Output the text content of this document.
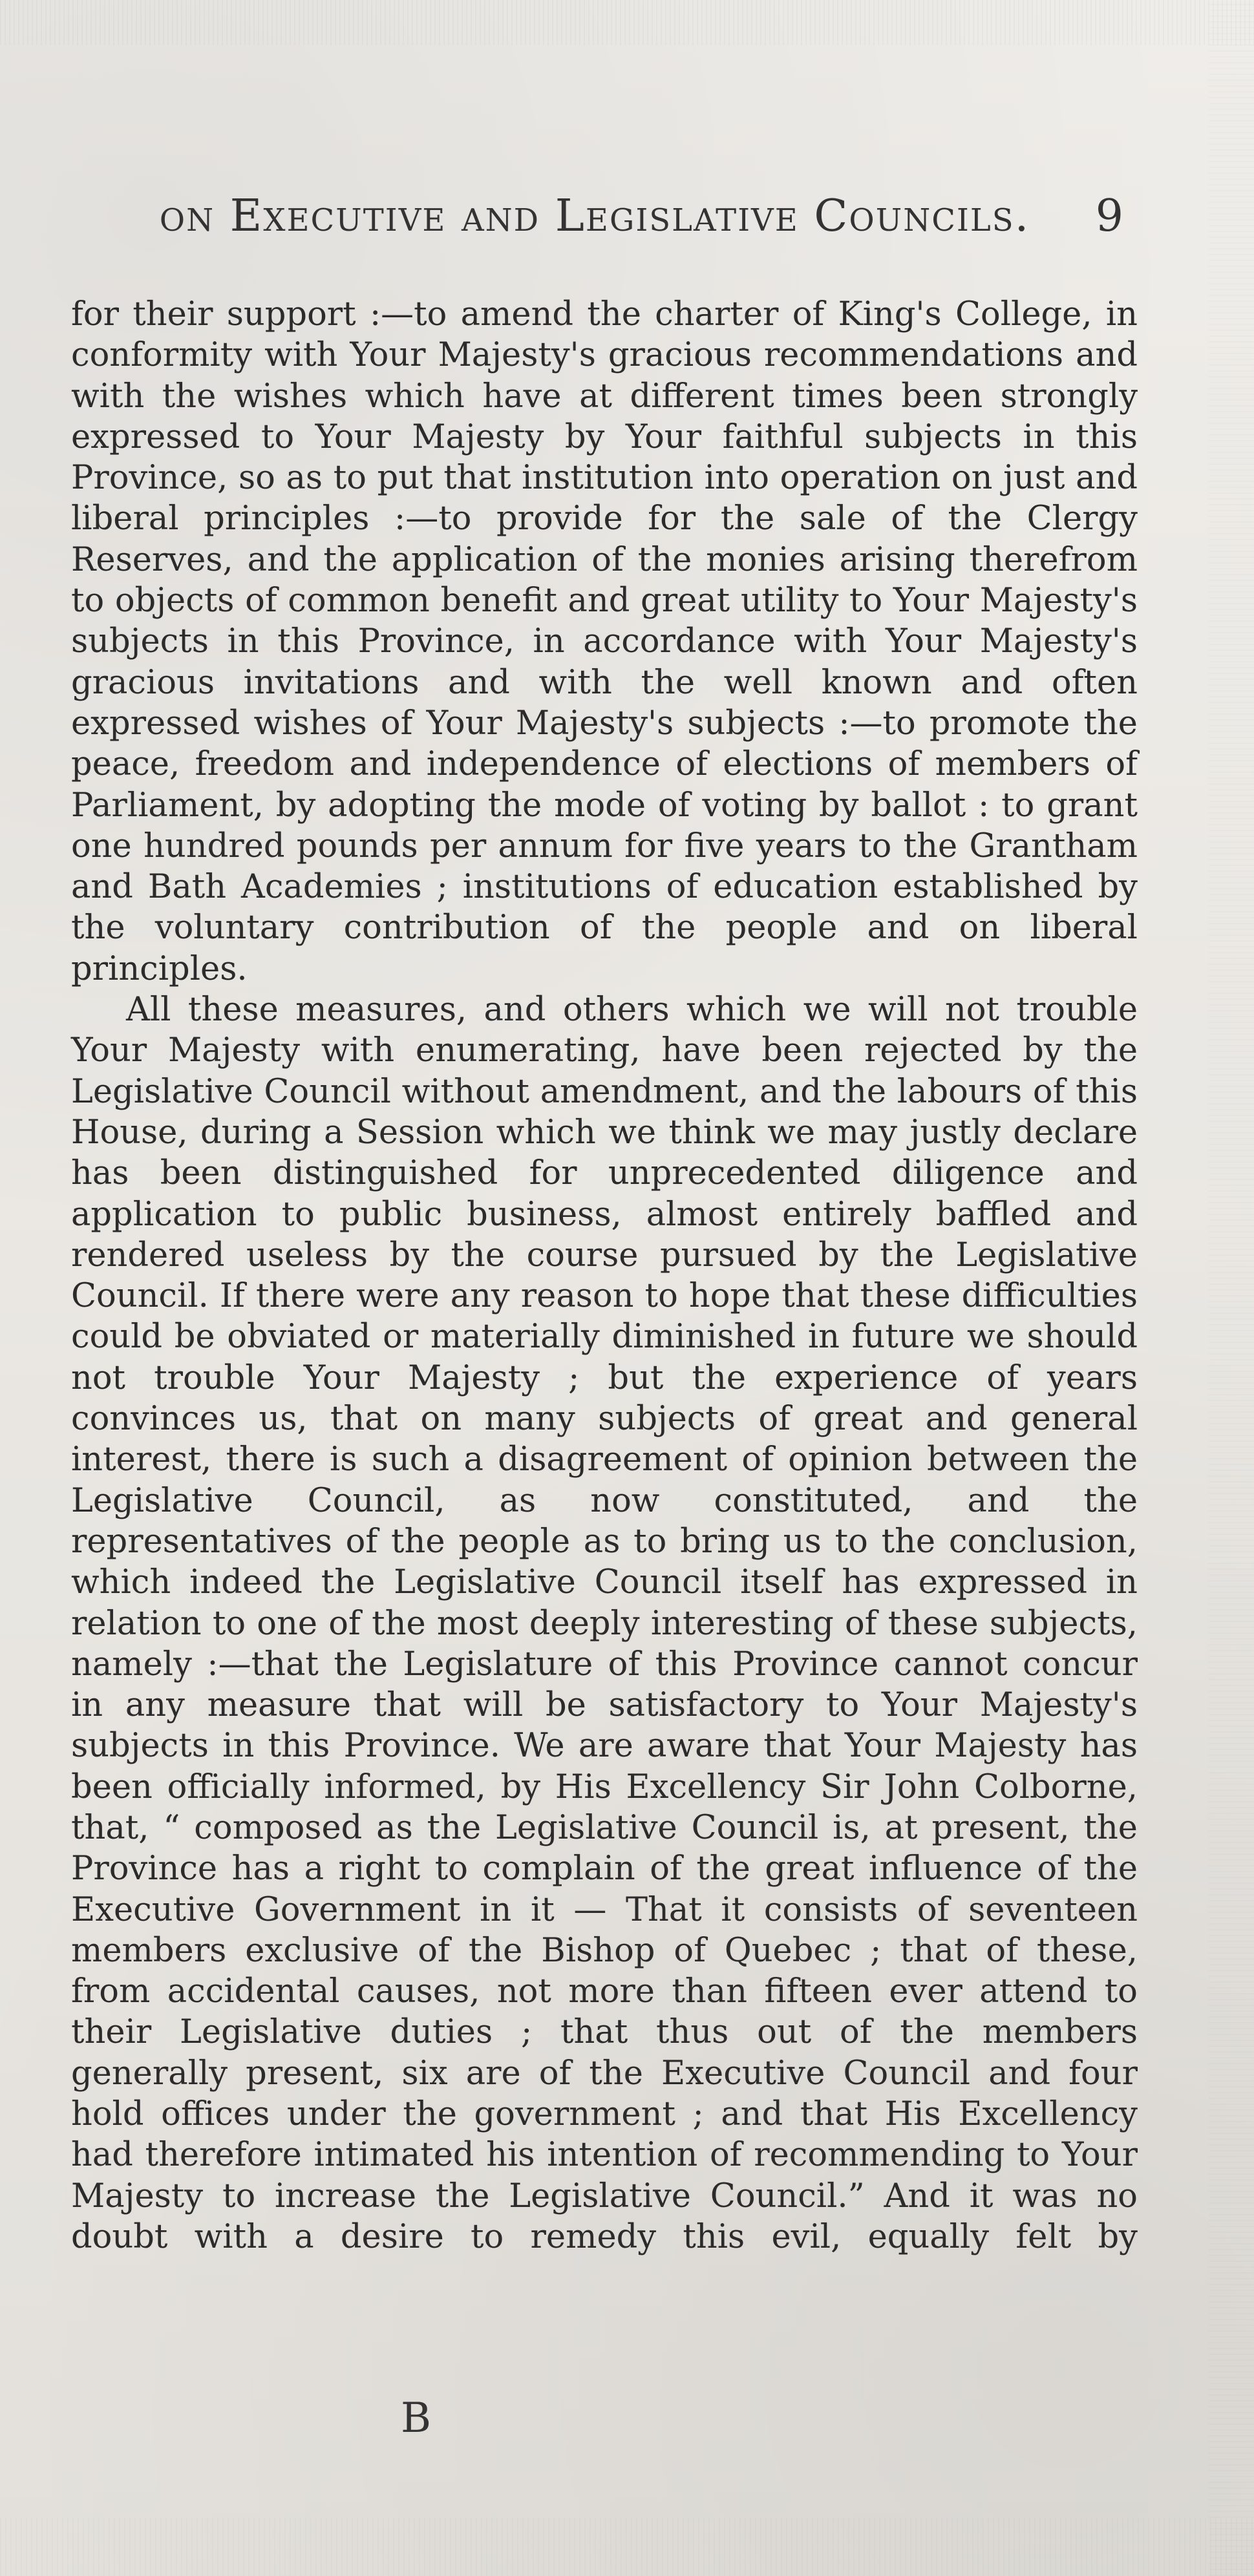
on Executive and Legislative Councils.	9

for their support :—to amend the charter of King's College, in conformity with Your Majesty's gracious recommendations and with the wishes which have at different times been strongly expressed to Your Majesty by Your faithful subjects in this Province, so as to put that institution into operation on just and liberal principles :—to provide for the sale of the Clergy Reserves, and the application of the monies arising therefrom to objects of common benefit and great utility to Your Majesty's subjects in this Province, in accordance with Your Majesty's gracious invitations and with the well known and often expressed wishes of Your Majesty's subjects :—to promote the peace, freedom and independence of elections of members of Parliament, by adopting the mode of voting by ballot : to grant one hundred pounds per annum for five years to the Grantham and Bath Academies ; institutions of education established by the voluntary contribution of the people and on liberal principles.

All these measures, and others which we will not trouble Your Majesty with enumerating, have been rejected by the Legislative Council without amendment, and the labours of this House, during a Session which we think we may justly declare has been distinguished for unprecedented diligence and application to public business, almost entirely baffled and rendered useless by the course pursued by the Legislative Council. If there were any reason to hope that these difficulties could be obviated or materially diminished in future we should not trouble Your Majesty ; but the experience of years convinces us, that on many subjects of great and general interest, there is such a disagreement of opinion between the Legislative Council, as now constituted, and the representatives of the people as to bring us to the conclusion, which indeed the Legislative Council itself has expressed in relation to one of the most deeply interesting of these subjects, namely :—that the Legislature of this Province cannot concur in any measure that will be satisfactory to Your Majesty's subjects in this Province. We are aware that Your Majesty has been officially informed, by His Excellency Sir John Colborne, that, “ composed as the Legislative Council is, at present, the Province has a right to complain of the great influence of the Executive Government in it — That it consists of seventeen members exclusive of the Bishop of Quebec ; that of these, from accidental causes, not more than fifteen ever attend to their Legislative duties ; that thus out of the members generally present, six are of the Executive Council and four hold offices under the government ; and that His Excellency had therefore intimated his intention of recommending to Your Majesty to increase the Legislative Council.” And it was no doubt with a desire to remedy this evil, equally felt by

B
